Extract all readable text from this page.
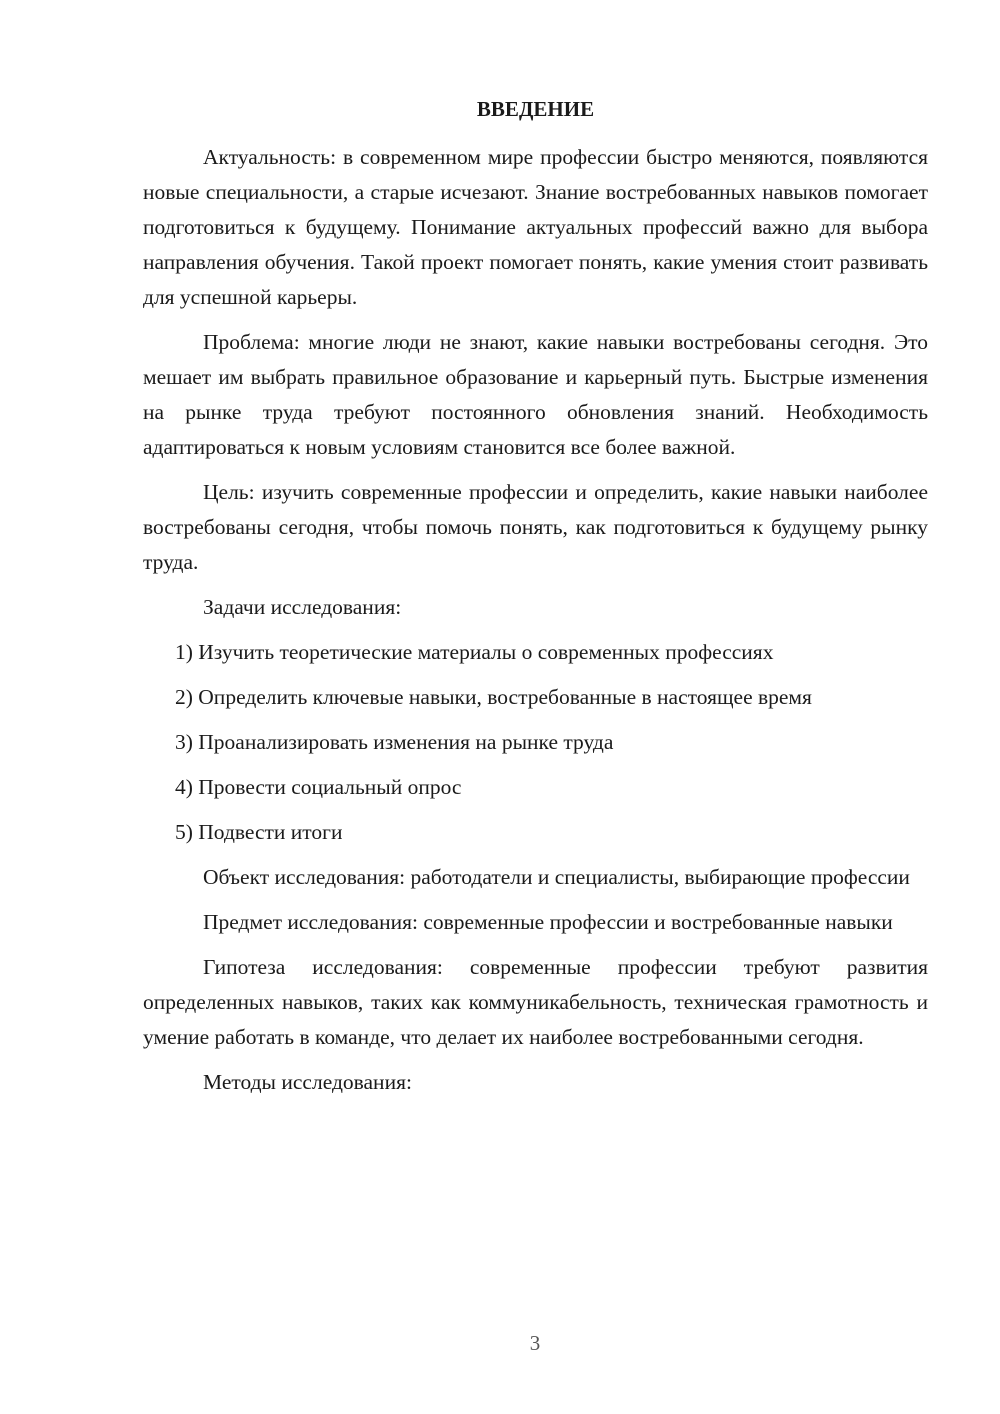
ВВЕДЕНИЕ

Актуальность: в современном мире профессии быстро меняются, появляются новые специальности, а старые исчезают. Знание востребованных навыков помогает подготовиться к будущему. Понимание актуальных профессий важно для выбора направления обучения. Такой проект помогает понять, какие умения стоит развивать для успешной карьеры.

Проблема: многие люди не знают, какие навыки востребованы сегодня. Это мешает им выбрать правильное образование и карьерный путь. Быстрые изменения на рынке труда требуют постоянного обновления знаний. Необходимость адаптироваться к новым условиям становится все более важной.

Цель: изучить современные профессии и определить, какие навыки наиболее востребованы сегодня, чтобы помочь понять, как подготовиться к будущему рынку труда.

Задачи исследования:

1) Изучить теоретические материалы о современных профессиях
2) Определить ключевые навыки, востребованные в настоящее время
3) Проанализировать изменения на рынке труда
4) Провести социальный опрос
5) Подвести итоги

Объект исследования: работодатели и специалисты, выбирающие профессии

Предмет исследования: современные профессии и востребованные навыки

Гипотеза исследования: современные профессии требуют развития определенных навыков, таких как коммуникабельность, техническая грамотность и умение работать в команде, что делает их наиболее востребованными сегодня.

Методы исследования:

3
